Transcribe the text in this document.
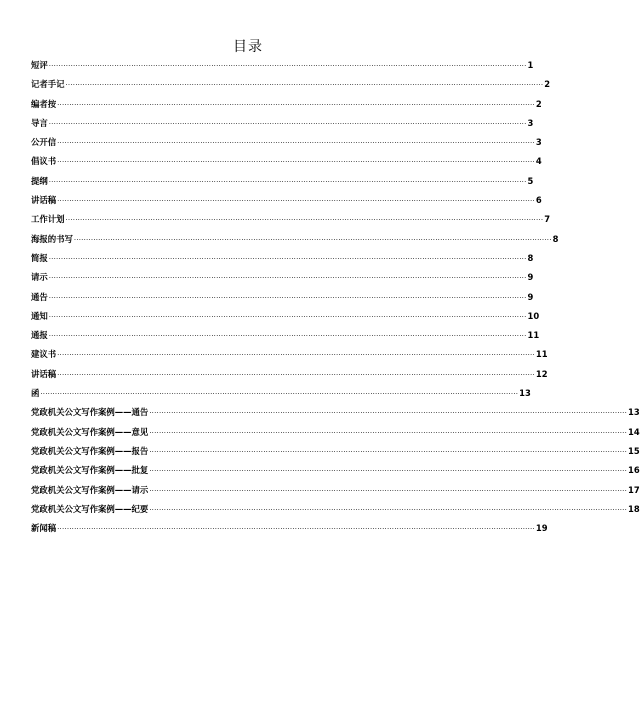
目录
短评 ····································································································································································································· 1
记者手记 ····································································································································································································· 2
编者按 ····································································································································································································· 2
导言 ····································································································································································································· 3
公开信 ····································································································································································································· 3
倡议书 ····································································································································································································· 4
提纲 ····································································································································································································· 5
讲话稿 ····································································································································································································· 6
工作计划 ····································································································································································································· 7
海报的书写 ····································································································································································································· 8
简报 ····································································································································································································· 8
请示 ····································································································································································································· 9
通告 ····································································································································································································· 9
通知 ····································································································································································································· 10
通报 ····································································································································································································· 11
建议书 ····································································································································································································· 11
讲话稿 ····································································································································································································· 12
函 ····································································································································································································· 13
党政机关公文写作案例——通告 ····································································································································································································· 13
党政机关公文写作案例——意见 ····································································································································································································· 14
党政机关公文写作案例——报告 ····································································································································································································· 15
党政机关公文写作案例——批复 ····································································································································································································· 16
党政机关公文写作案例——请示 ····································································································································································································· 17
党政机关公文写作案例——纪要 ····································································································································································································· 18
新闻稿 ····································································································································································································· 19
